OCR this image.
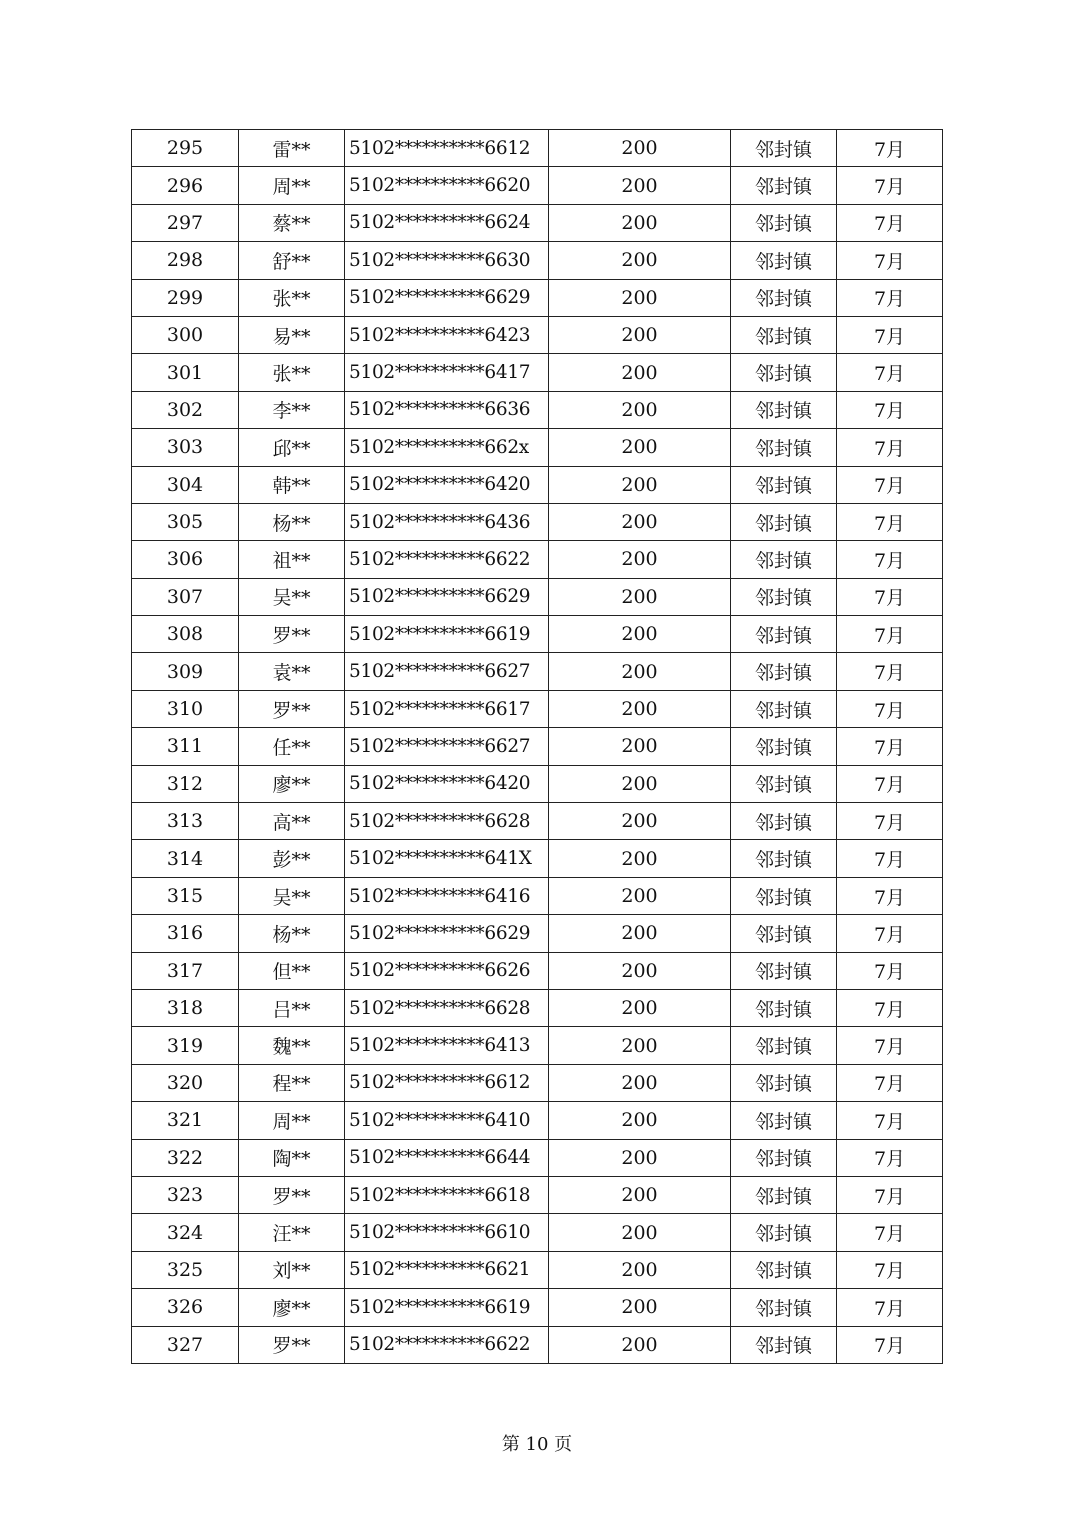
295	雷**	5102**********6612	200	邻封镇	7月
296	周**	5102**********6620	200	邻封镇	7月
297	蔡**	5102**********6624	200	邻封镇	7月
298	舒**	5102**********6630	200	邻封镇	7月
299	张**	5102**********6629	200	邻封镇	7月
300	易**	5102**********6423	200	邻封镇	7月
301	张**	5102**********6417	200	邻封镇	7月
302	李**	5102**********6636	200	邻封镇	7月
303	邱**	5102**********662x	200	邻封镇	7月
304	韩**	5102**********6420	200	邻封镇	7月
305	杨**	5102**********6436	200	邻封镇	7月
306	祖**	5102**********6622	200	邻封镇	7月
307	吴**	5102**********6629	200	邻封镇	7月
308	罗**	5102**********6619	200	邻封镇	7月
309	袁**	5102**********6627	200	邻封镇	7月
310	罗**	5102**********6617	200	邻封镇	7月
311	任**	5102**********6627	200	邻封镇	7月
312	廖**	5102**********6420	200	邻封镇	7月
313	高**	5102**********6628	200	邻封镇	7月
314	彭**	5102**********641X	200	邻封镇	7月
315	吴**	5102**********6416	200	邻封镇	7月
316	杨**	5102**********6629	200	邻封镇	7月
317	但**	5102**********6626	200	邻封镇	7月
318	吕**	5102**********6628	200	邻封镇	7月
319	魏**	5102**********6413	200	邻封镇	7月
320	程**	5102**********6612	200	邻封镇	7月
321	周**	5102**********6410	200	邻封镇	7月
322	陶**	5102**********6644	200	邻封镇	7月
323	罗**	5102**********6618	200	邻封镇	7月
324	汪**	5102**********6610	200	邻封镇	7月
325	刘**	5102**********6621	200	邻封镇	7月
326	廖**	5102**********6619	200	邻封镇	7月
327	罗**	5102**********6622	200	邻封镇	7月
第 10 页
